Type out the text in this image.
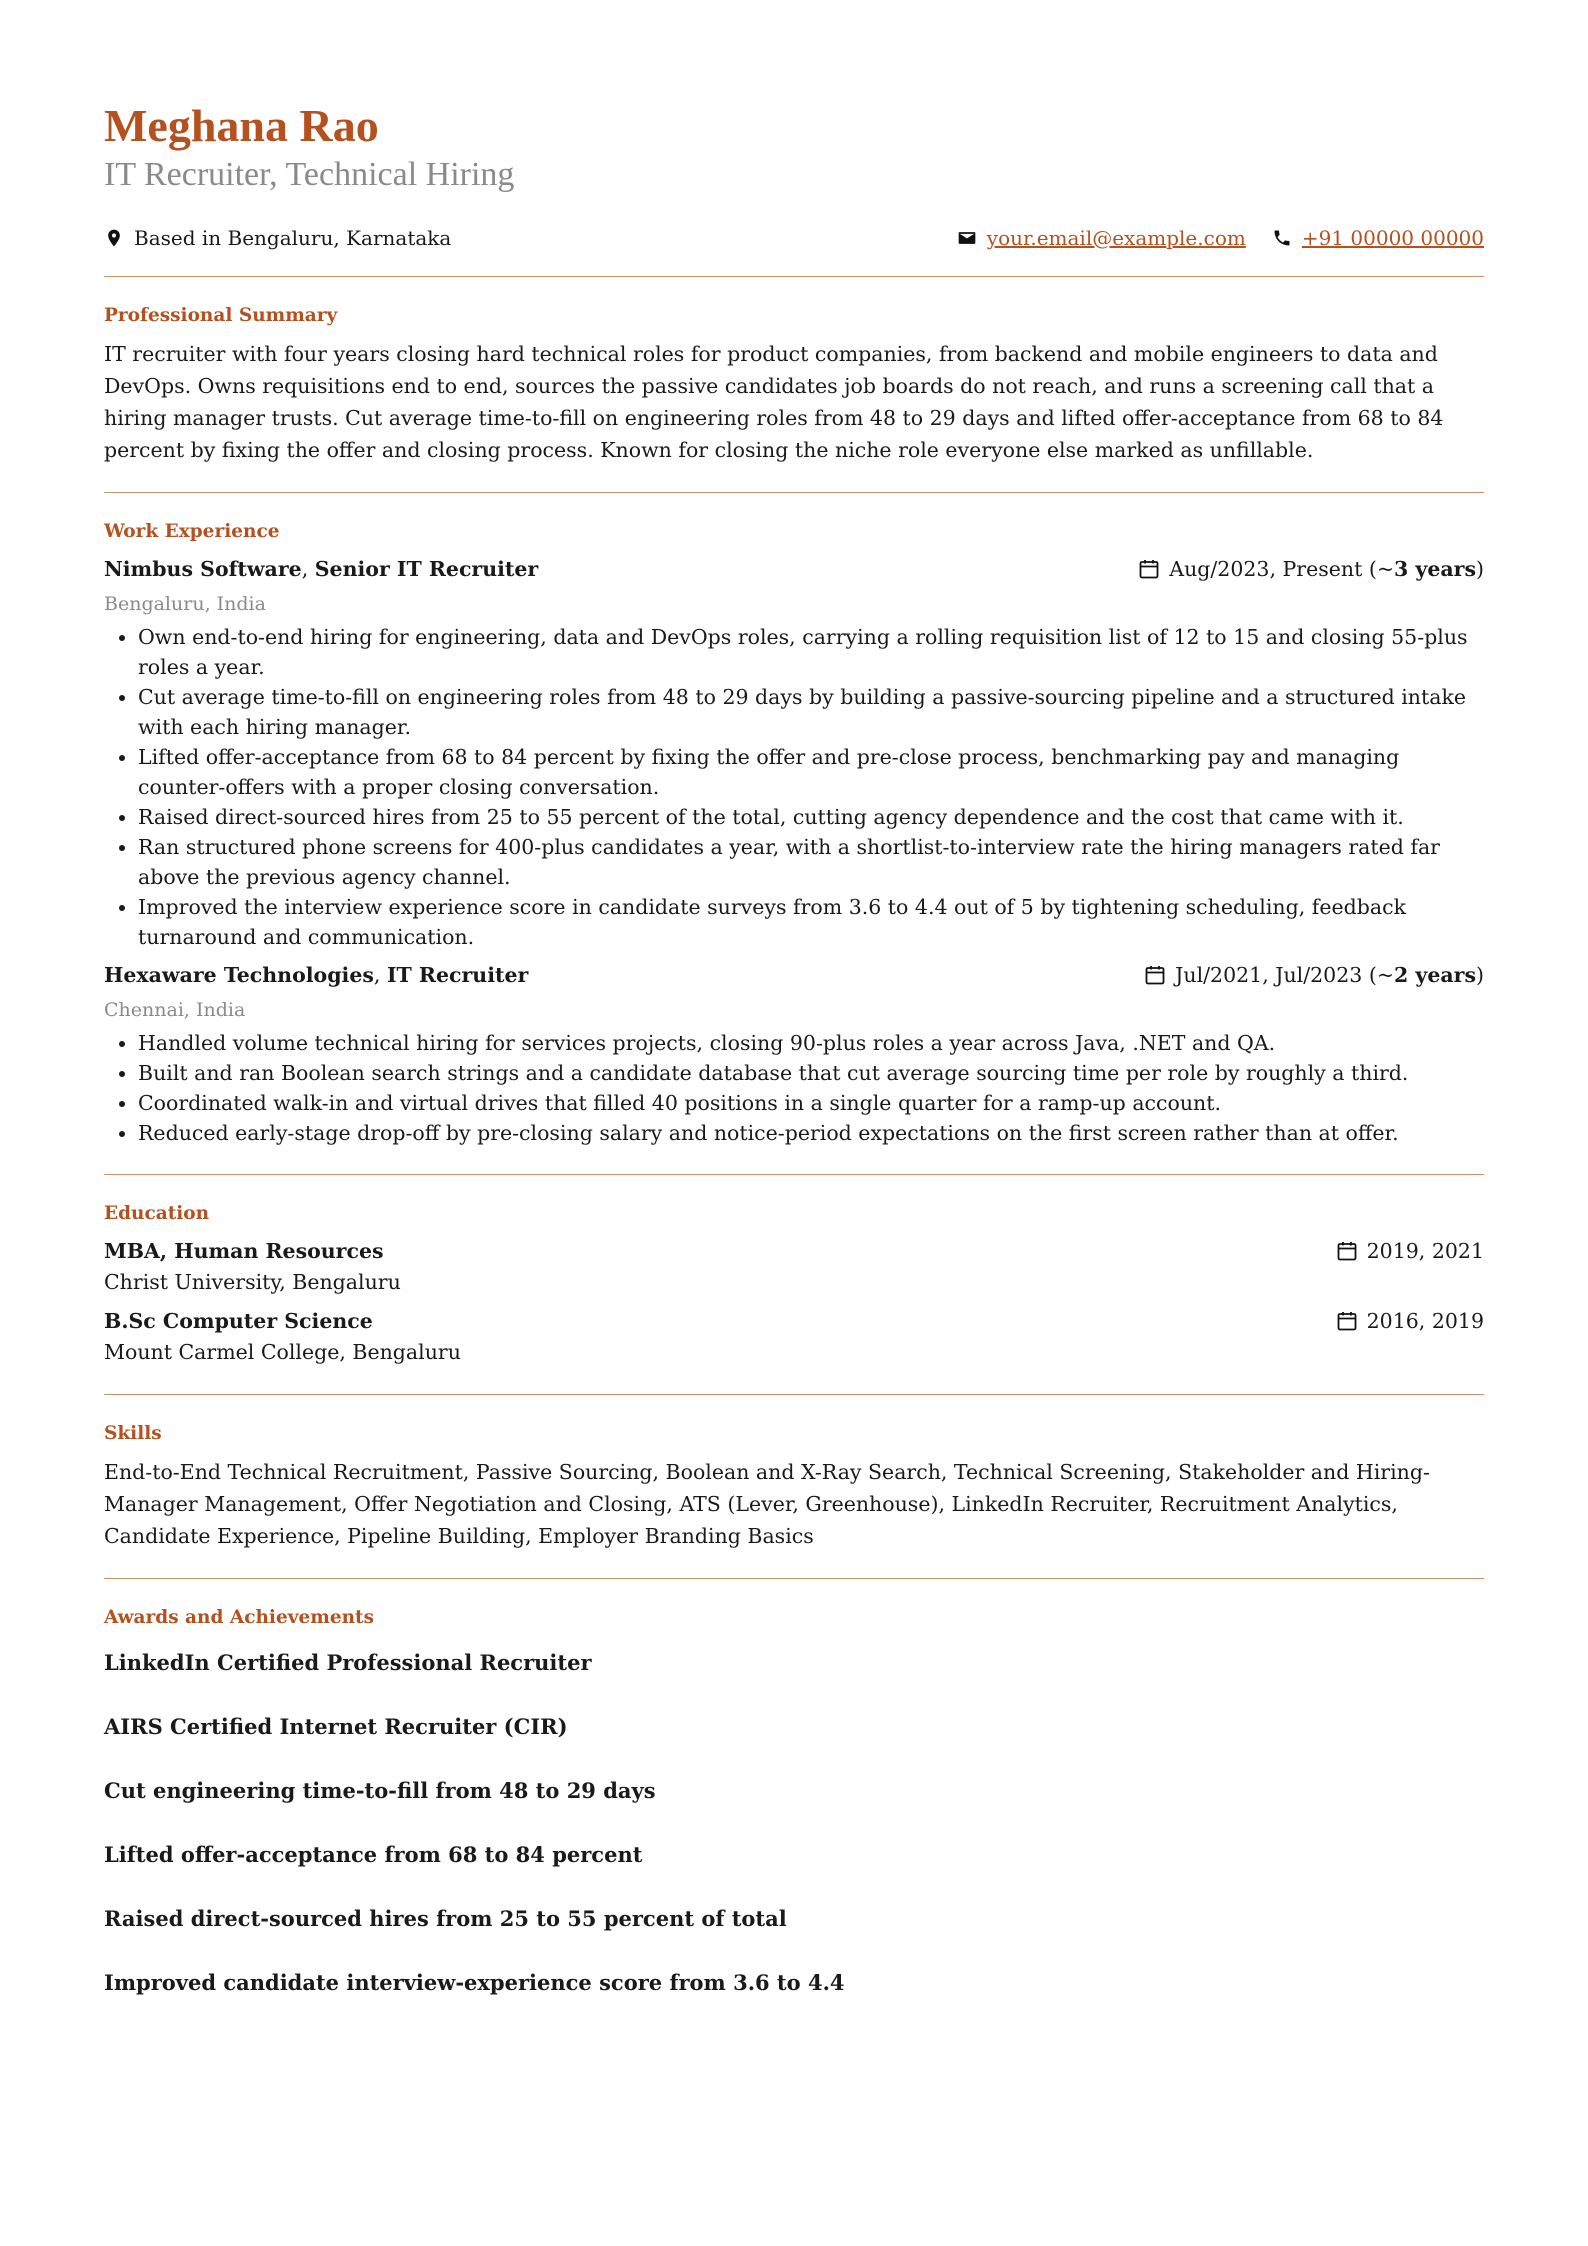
Meghana Rao
IT Recruiter, Technical Hiring
Based in Bengaluru, Karnataka	your.email@example.com	+91 00000 00000
Professional Summary

IT recruiter with four years closing hard technical roles for product companies, from backend and mobile engineers to data and DevOps. Owns requisitions end to end, sources the passive candidates job boards do not reach, and runs a screening call that a hiring manager trusts. Cut average time-to-fill on engineering roles from 48 to 29 days and lifted offer-acceptance from 68 to 84 percent by fixing the offer and closing process. Known for closing the niche role everyone else marked as unfillable.

Work Experience
Nimbus Software, Senior IT Recruiter	Aug/2023, Present (~ 3 years )
Bengaluru, India
• Own end-to-end hiring for engineering, data and DevOps roles, carrying a rolling requisition list of 12 to 15 and closing 55-plus roles a year.
• Cut average time-to-fill on engineering roles from 48 to 29 days by building a passive-sourcing pipeline and a structured intake with each hiring manager.
• Lifted offer-acceptance from 68 to 84 percent by fixing the offer and pre-close process, benchmarking pay and managing counter-offers with a proper closing conversation.
• Raised direct-sourced hires from 25 to 55 percent of the total, cutting agency dependence and the cost that came with it.
• Ran structured phone screens for 400-plus candidates a year, with a shortlist-to-interview rate the hiring managers rated far above the previous agency channel.
• Improved the interview experience score in candidate surveys from 3.6 to 4.4 out of 5 by tightening scheduling, feedback turnaround and communication.
Hexaware Technologies, IT Recruiter	Jul/2021, Jul/2023 (~ 2 years )
Chennai, India
• Handled volume technical hiring for services projects, closing 90-plus roles a year across Java, .NET and QA.
• Built and ran Boolean search strings and a candidate database that cut average sourcing time per role by roughly a third.
• Coordinated walk-in and virtual drives that filled 40 positions in a single quarter for a ramp-up account.
• Reduced early-stage drop-off by pre-closing salary and notice-period expectations on the first screen rather than at offer.
Education
MBA, Human Resources	2019, 2021
Christ University, Bengaluru
B.Sc Computer Science	2016, 2019
Mount Carmel College, Bengaluru
Skills

End-to-End Technical Recruitment, Passive Sourcing, Boolean and X-Ray Search, Technical Screening, Stakeholder and Hiring-Manager Management, Offer Negotiation and Closing, ATS (Lever, Greenhouse), LinkedIn Recruiter, Recruitment Analytics, Candidate Experience, Pipeline Building, Employer Branding Basics

Awards and Achievements
LinkedIn Certified Professional Recruiter
AIRS Certified Internet Recruiter (CIR)
Cut engineering time-to-fill from 48 to 29 days
Lifted offer-acceptance from 68 to 84 percent
Raised direct-sourced hires from 25 to 55 percent of total
Improved candidate interview-experience score from 3.6 to 4.4
